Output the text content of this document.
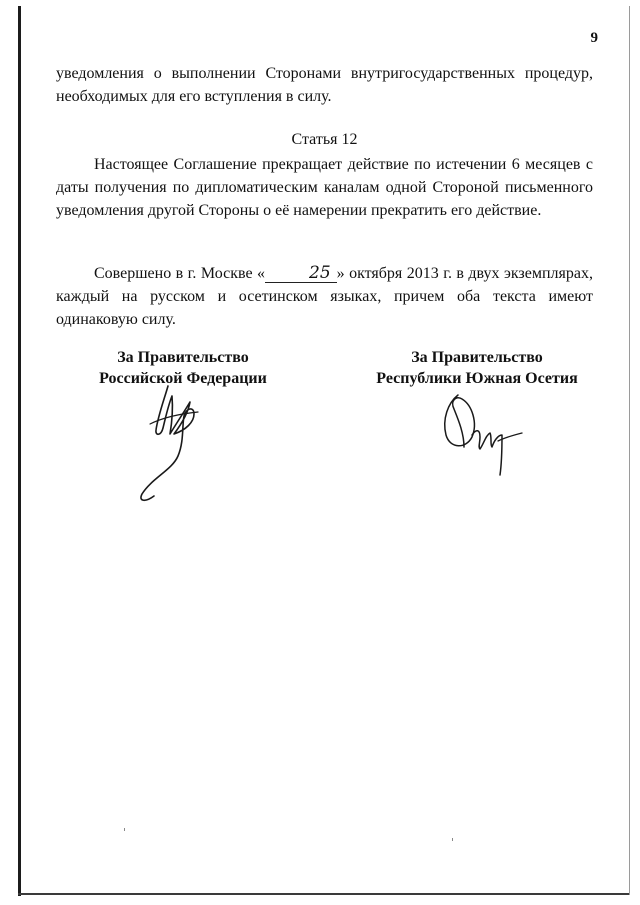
9

уведомления о выполнении Сторонами внутригосударственных процедур, необходимых для его вступления в силу.

Статья 12

Настоящее Соглашение прекращает действие по истечении 6 месяцев с даты получения по дипломатическим каналам одной Стороной письменного уведомления другой Стороны о её намерении прекратить его действие.

Совершено в г. Москве «	25 » октября 2013 г. в двух экземплярах, каждый на русском и осетинском языках, причем оба текста имеют одинаковую силу.

За Правительство
Российской Федерации
За Правительство
Республики Южная Осетия
